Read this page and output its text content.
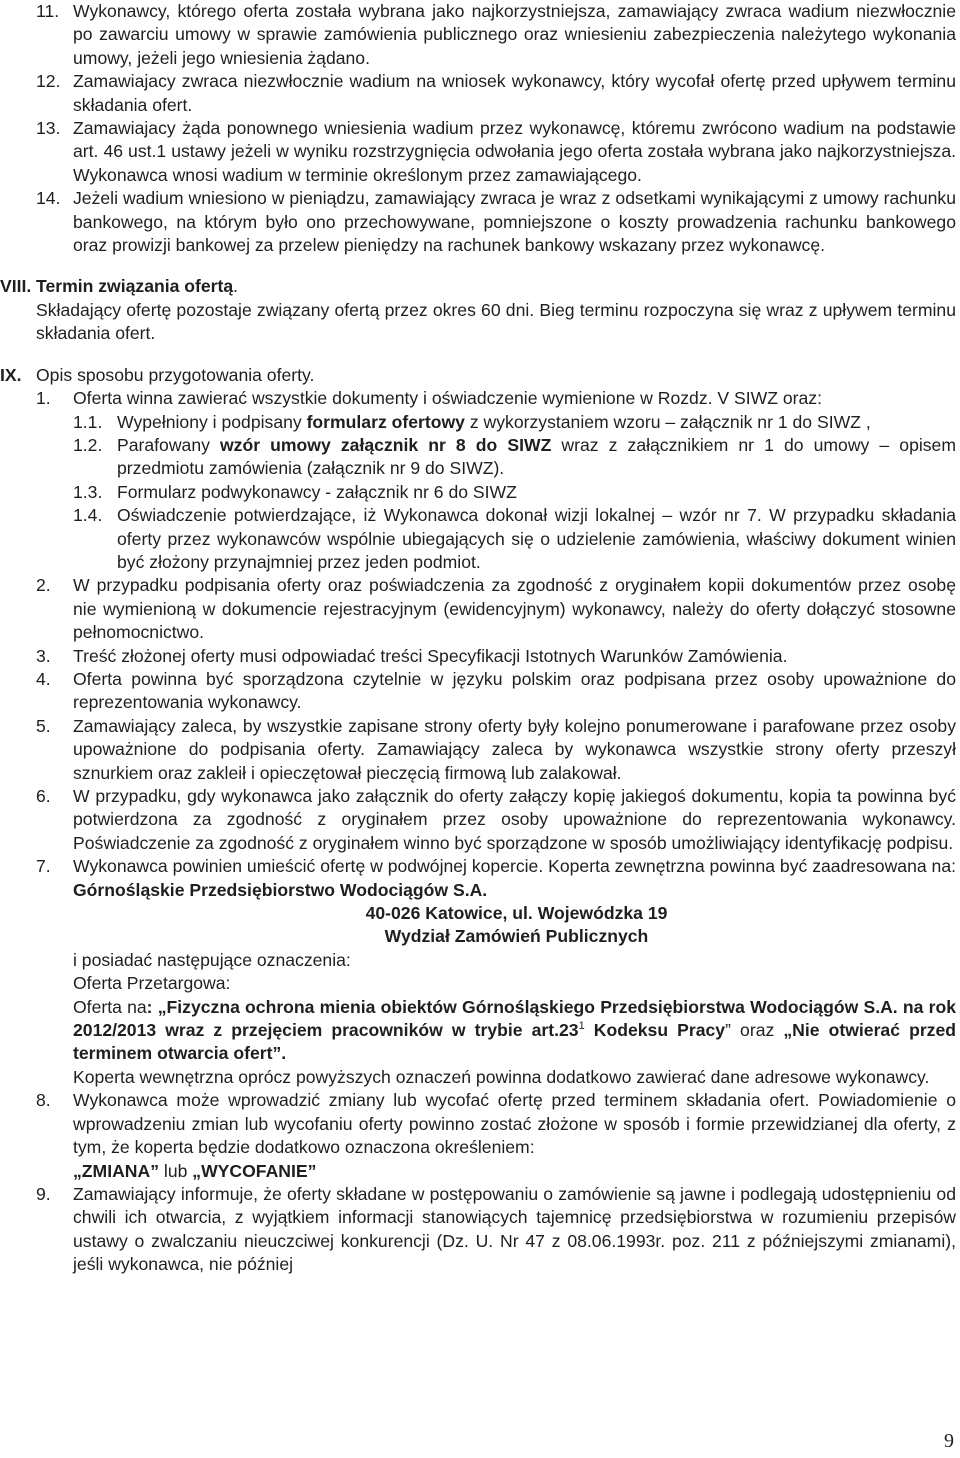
11. Wykonawcy, którego oferta została wybrana jako najkorzystniejsza, zamawiający zwraca wadium niezwłocznie po zawarciu umowy w sprawie zamówienia publicznego oraz wniesieniu zabezpieczenia należytego wykonania umowy, jeżeli jego wniesienia żądano.
12. Zamawiajacy zwraca niezwłocznie wadium na wniosek wykonawcy, który wycofał ofertę przed upływem terminu składania ofert.
13. Zamawiajacy żąda ponownego wniesienia wadium przez wykonawcę, któremu zwrócono wadium na podstawie art. 46 ust.1 ustawy jeżeli w wyniku rozstrzygnięcia odwołania jego oferta została wybrana jako najkorzystniejsza. Wykonawca wnosi wadium w terminie określonym przez zamawiającego.
14. Jeżeli wadium wniesiono w pieniądzu, zamawiający zwraca je wraz z odsetkami wynikającymi z umowy rachunku bankowego, na którym było ono przechowywane, pomniejszone o koszty prowadzenia rachunku bankowego oraz prowizji bankowej za przelew pieniędzy na rachunek bankowy wskazany przez wykonawcę.
VIII. Termin związania ofertą.
Składający ofertę pozostaje związany ofertą przez okres 60 dni. Bieg terminu rozpoczyna się wraz z upływem terminu składania ofert.
IX. Opis sposobu przygotowania oferty.
1. Oferta winna zawierać wszystkie dokumenty i oświadczenie wymienione w Rozdz. V SIWZ oraz:
1.1. Wypełniony i podpisany formularz ofertowy z wykorzystaniem wzoru – załącznik nr 1 do SIWZ ,
1.2. Parafowany wzór umowy załącznik nr 8 do SIWZ wraz z załącznikiem nr 1 do umowy – opisem przedmiotu zamówienia (załącznik nr 9 do SIWZ).
1.3. Formularz podwykonawcy - załącznik nr 6 do SIWZ
1.4. Oświadczenie potwierdzające, iż Wykonawca dokonał wizji lokalnej – wzór nr 7. W przypadku składania oferty przez wykonawców wspólnie ubiegających się o udzielenie zamówienia, właściwy dokument winien być złożony przynajmniej przez jeden podmiot.
2. W przypadku podpisania oferty oraz poświadczenia za zgodność z oryginałem kopii dokumentów przez osobę nie wymienioną w dokumencie rejestracyjnym (ewidencyjnym) wykonawcy, należy do oferty dołączyć stosowne pełnomocnictwo.
3. Treść złożonej oferty musi odpowiadać treści Specyfikacji Istotnych Warunków Zamówienia.
4. Oferta powinna być sporządzona czytelnie w języku polskim oraz podpisana przez osoby upoważnione do reprezentowania wykonawcy.
5. Zamawiający zaleca, by wszystkie zapisane strony oferty były kolejno ponumerowane i parafowane przez osoby upoważnione do podpisania oferty. Zamawiający zaleca by wykonawca wszystkie strony oferty przeszył sznurkiem oraz zakleił i opieczętował pieczęcią firmową lub zalakował.
6. W przypadku, gdy wykonawca jako załącznik do oferty załączy kopię jakiegoś dokumentu, kopia ta powinna być potwierdzona za zgodność z oryginałem przez osoby upoważnione do reprezentowania wykonawcy. Poświadczenie za zgodność z oryginałem winno być sporządzone w sposób umożliwiający identyfikację podpisu.
7. Wykonawca powinien umieścić ofertę w podwójnej kopercie. Koperta zewnętrzna powinna być zaadresowana na: Górnośląskie Przedsiębiorstwo Wodociągów S.A.
40-026 Katowice, ul. Wojewódzka 19
Wydział Zamówień Publicznych
i posiadać następujące oznaczenia:
Oferta Przetargowa:
Oferta na: „Fizyczna ochrona mienia obiektów Górnośląskiego Przedsiębiorstwa Wodociągów S.A. na rok 2012/2013 wraz z przejęciem pracowników w trybie $art.23^1$ Kodeksu Pracy” oraz „Nie otwierać przed terminem otwarcia ofert”.
Koperta wewnętrzna oprócz powyższych oznaczeń powinna dodatkowo zawierać dane adresowe wykonawcy.
8. Wykonawca może wprowadzić zmiany lub wycofać ofertę przed terminem składania ofert. Powiadomienie o wprowadzeniu zmian lub wycofaniu oferty powinno zostać złożone w sposób i formie przewidzianej dla oferty, z tym, że koperta będzie dodatkowo oznaczona określeniem:
„ZMIANA” lub „WYCOFANIE”
9. Zamawiający informuje, że oferty składane w postępowaniu o zamówienie są jawne i podlegają udostępnieniu od chwili ich otwarcia, z wyjątkiem informacji stanowiących tajemnicę przedsiębiorstwa w rozumieniu przepisów ustawy o zwalczaniu nieuczciwej konkurencji (Dz. U. Nr 47 z 08.06.1993r. poz. 211 z późniejszymi zmianami), jeśli wykonawca, nie później
9
